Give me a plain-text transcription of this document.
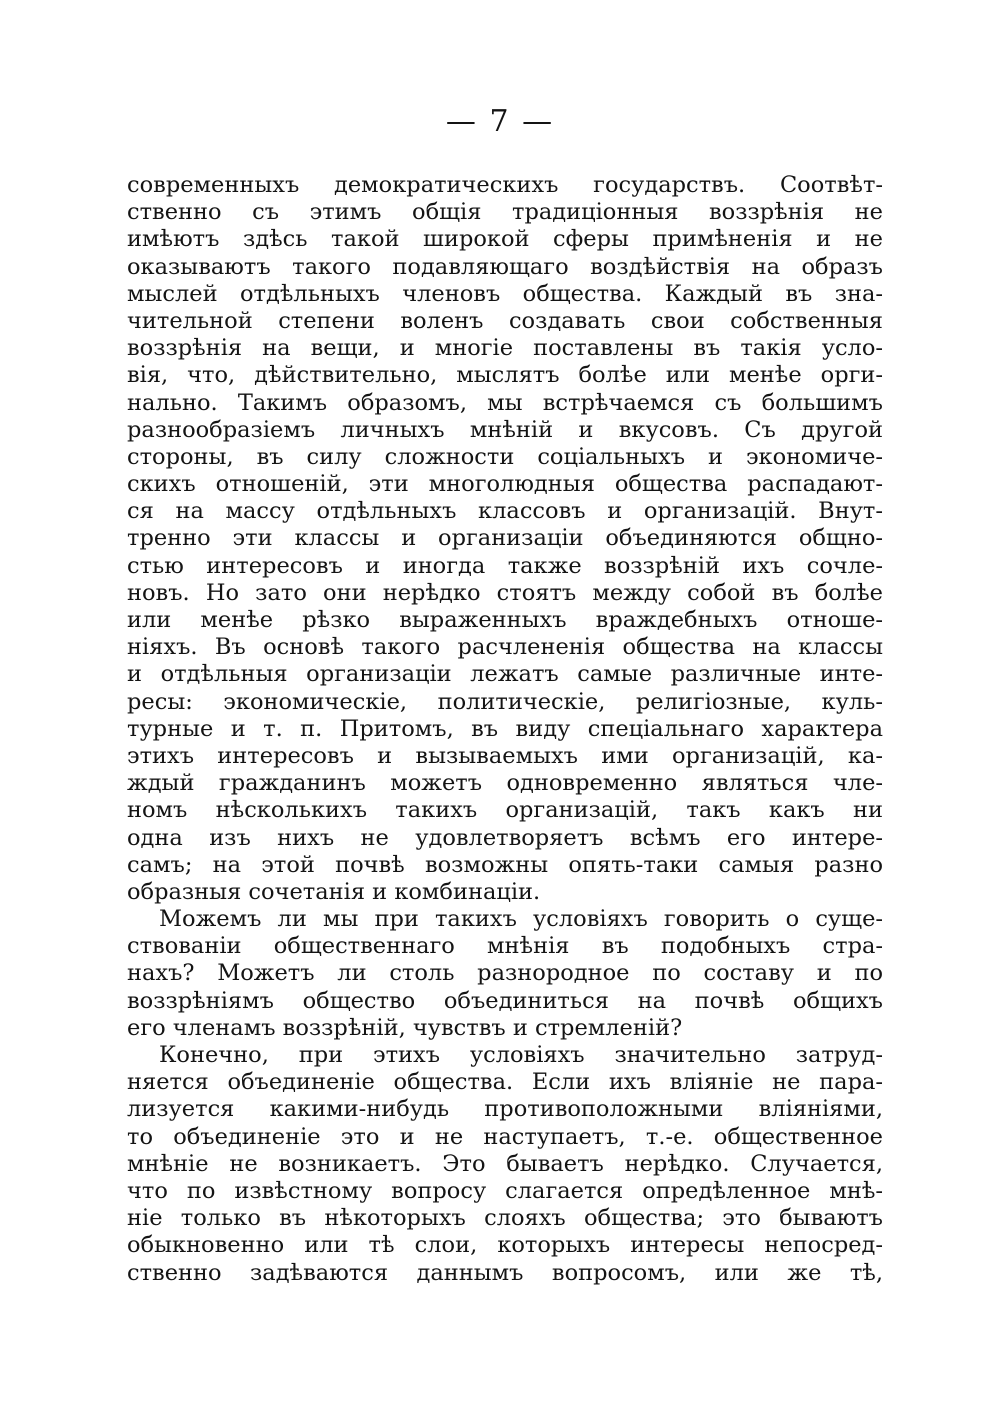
— 7 —
современныхъ демократическихъ государствъ. Соотвѣт-
ственно съ этимъ общія традиціонныя воззрѣнія не
имѣютъ здѣсь такой широкой сферы примѣненія и не
оказываютъ такого подавляющаго воздѣйствія на образъ
мыслей отдѣльныхъ членовъ общества. Каждый въ зна-
чительной степени воленъ создавать свои собственныя
воззрѣнія на вещи, и многіе поставлены въ такія усло-
вія, что, дѣйствительно, мыслятъ болѣе или менѣе орги-
нально. Такимъ образомъ, мы встрѣчаемся съ большимъ
разнообразіемъ личныхъ мнѣній и вкусовъ. Съ другой
стороны, въ силу сложности соціальныхъ и экономиче-
скихъ отношеній, эти многолюдныя общества распадают-
ся на массу отдѣльныхъ классовъ и организацій. Внут-
тренно эти классы и организаціи объединяются общно-
стью интересовъ и иногда также воззрѣній ихъ сочле-
новъ. Но зато они нерѣдко стоятъ между собой въ болѣе
или менѣе рѣзко выраженныхъ враждебныхъ отноше-
ніяхъ. Въ основѣ такого расчлененія общества на классы
и отдѣльныя организаціи лежатъ самые различные инте-
ресы: экономическіе, политическіе, религіозные, куль-
турные и т. п. Притомъ, въ виду спеціальнаго характера
этихъ интересовъ и вызываемыхъ ими организацій, ка-
ждый гражданинъ можетъ одновременно являться чле-
номъ нѣсколькихъ такихъ организацій, такъ какъ ни
одна изъ нихъ не удовлетворяетъ всѣмъ его интере-
самъ; на этой почвѣ возможны опять-таки самыя разно
образныя сочетанія и комбинаціи.
Можемъ ли мы при такихъ условіяхъ говорить о суще-
ствованіи общественнаго мнѣнія въ подобныхъ стра-
нахъ? Можетъ ли столь разнородное по составу и по
воззрѣніямъ общество объединиться на почвѣ общихъ
его членамъ воззрѣній, чувствъ и стремленій?
Конечно, при этихъ условіяхъ значительно затруд-
няется объединеніе общества. Если ихъ вліяніе не пара-
лизуется какими-нибудь противоположными вліяніями,
то объединеніе это и не наступаетъ, т.-е. общественное
мнѣніе не возникаетъ. Это бываетъ нерѣдко. Случается,
что по извѣстному вопросу слагается опредѣленное мнѣ-
ніе только въ нѣкоторыхъ слояхъ общества; это бываютъ
обыкновенно или тѣ слои, которыхъ интересы непосред-
ственно задѣваются даннымъ вопросомъ, или же тѣ,
